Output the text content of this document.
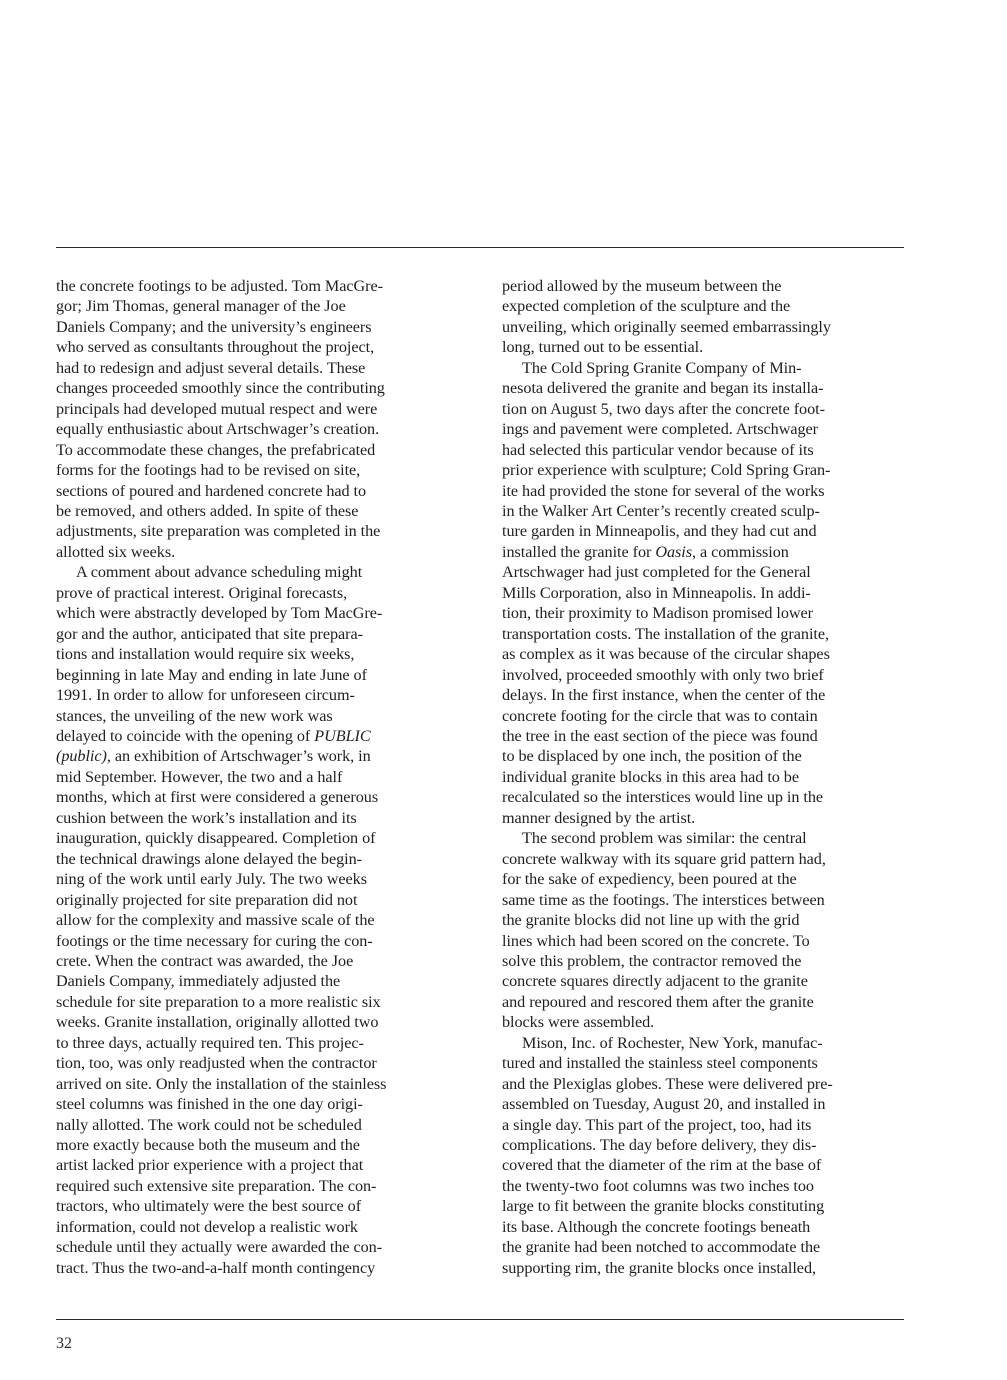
the concrete footings to be adjusted. Tom MacGre-
gor; Jim Thomas, general manager of the Joe
Daniels Company; and the university’s engineers
who served as consultants throughout the project,
had to redesign and adjust several details. These
changes proceeded smoothly since the contributing
principals had developed mutual respect and were
equally enthusiastic about Artschwager’s creation.
To accommodate these changes, the prefabricated
forms for the footings had to be revised on site,
sections of poured and hardened concrete had to
be removed, and others added. In spite of these
adjustments, site preparation was completed in the
allotted six weeks.

A comment about advance scheduling might
prove of practical interest. Original forecasts,
which were abstractly developed by Tom MacGre-
gor and the author, anticipated that site prepara-
tions and installation would require six weeks,
beginning in late May and ending in late June of
1991. In order to allow for unforeseen circum-
stances, the unveiling of the new work was
delayed to coincide with the opening of PUBLIC
(public), an exhibition of Artschwager’s work, in
mid September. However, the two and a half
months, which at first were considered a generous
cushion between the work’s installation and its
inauguration, quickly disappeared. Completion of
the technical drawings alone delayed the begin-
ning of the work until early July. The two weeks
originally projected for site preparation did not
allow for the complexity and massive scale of the
footings or the time necessary for curing the con-
crete. When the contract was awarded, the Joe
Daniels Company, immediately adjusted the
schedule for site preparation to a more realistic six
weeks. Granite installation, originally allotted two
to three days, actually required ten. This projec-
tion, too, was only readjusted when the contractor
arrived on site. Only the installation of the stainless
steel columns was finished in the one day origi-
nally allotted. The work could not be scheduled
more exactly because both the museum and the
artist lacked prior experience with a project that
required such extensive site preparation. The con-
tractors, who ultimately were the best source of
information, could not develop a realistic work
schedule until they actually were awarded the con-
tract. Thus the two-and-a-half month contingency

period allowed by the museum between the
expected completion of the sculpture and the
unveiling, which originally seemed embarrassingly
long, turned out to be essential.

The Cold Spring Granite Company of Min-
nesota delivered the granite and began its installa-
tion on August 5, two days after the concrete foot-
ings and pavement were completed. Artschwager
had selected this particular vendor because of its
prior experience with sculpture; Cold Spring Gran-
ite had provided the stone for several of the works
in the Walker Art Center’s recently created sculp-
ture garden in Minneapolis, and they had cut and
installed the granite for Oasis, a commission
Artschwager had just completed for the General
Mills Corporation, also in Minneapolis. In addi-
tion, their proximity to Madison promised lower
transportation costs. The installation of the granite,
as complex as it was because of the circular shapes
involved, proceeded smoothly with only two brief
delays. In the first instance, when the center of the
concrete footing for the circle that was to contain
the tree in the east section of the piece was found
to be displaced by one inch, the position of the
individual granite blocks in this area had to be
recalculated so the interstices would line up in the
manner designed by the artist.

The second problem was similar: the central
concrete walkway with its square grid pattern had,
for the sake of expediency, been poured at the
same time as the footings. The interstices between
the granite blocks did not line up with the grid
lines which had been scored on the concrete. To
solve this problem, the contractor removed the
concrete squares directly adjacent to the granite
and repoured and rescored them after the granite
blocks were assembled.

Mison, Inc. of Rochester, New York, manufac-
tured and installed the stainless steel components
and the Plexiglas globes. These were delivered pre-
assembled on Tuesday, August 20, and installed in
a single day. This part of the project, too, had its
complications. The day before delivery, they dis-
covered that the diameter of the rim at the base of
the twenty-two foot columns was two inches too
large to fit between the granite blocks constituting
its base. Although the concrete footings beneath
the granite had been notched to accommodate the
supporting rim, the granite blocks once installed,

32
